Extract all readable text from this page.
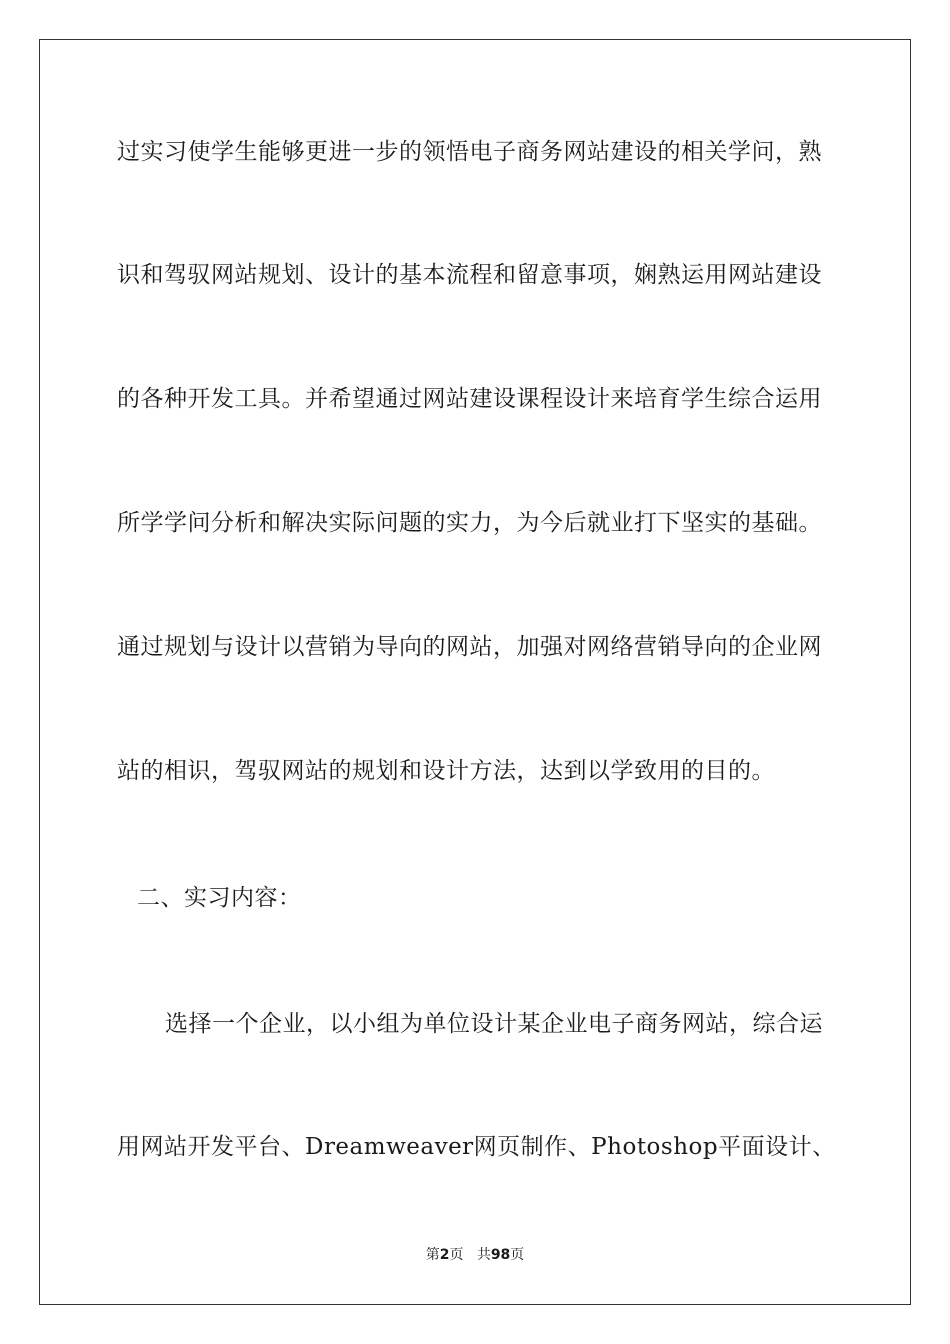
过实习使学生能够更进一步的领悟电子商务网站建设的相关学问，熟
识和驾驭网站规划、设计的基本流程和留意事项，娴熟运用网站建设
的各种开发工具。并希望通过网站建设课程设计来培育学生综合运用
所学学问分析和解决实际问题的实力，为今后就业打下坚实的基础。
通过规划与设计以营销为导向的网站，加强对网络营销导向的企业网
站的相识，驾驭网站的规划和设计方法，达到以学致用的目的。
二、实习内容：
选择一个企业，以小组为单位设计某企业电子商务网站，综合运
用网站开发平台、Dreamweaver网页制作、Photoshop平面设计、
第2页 共98页
